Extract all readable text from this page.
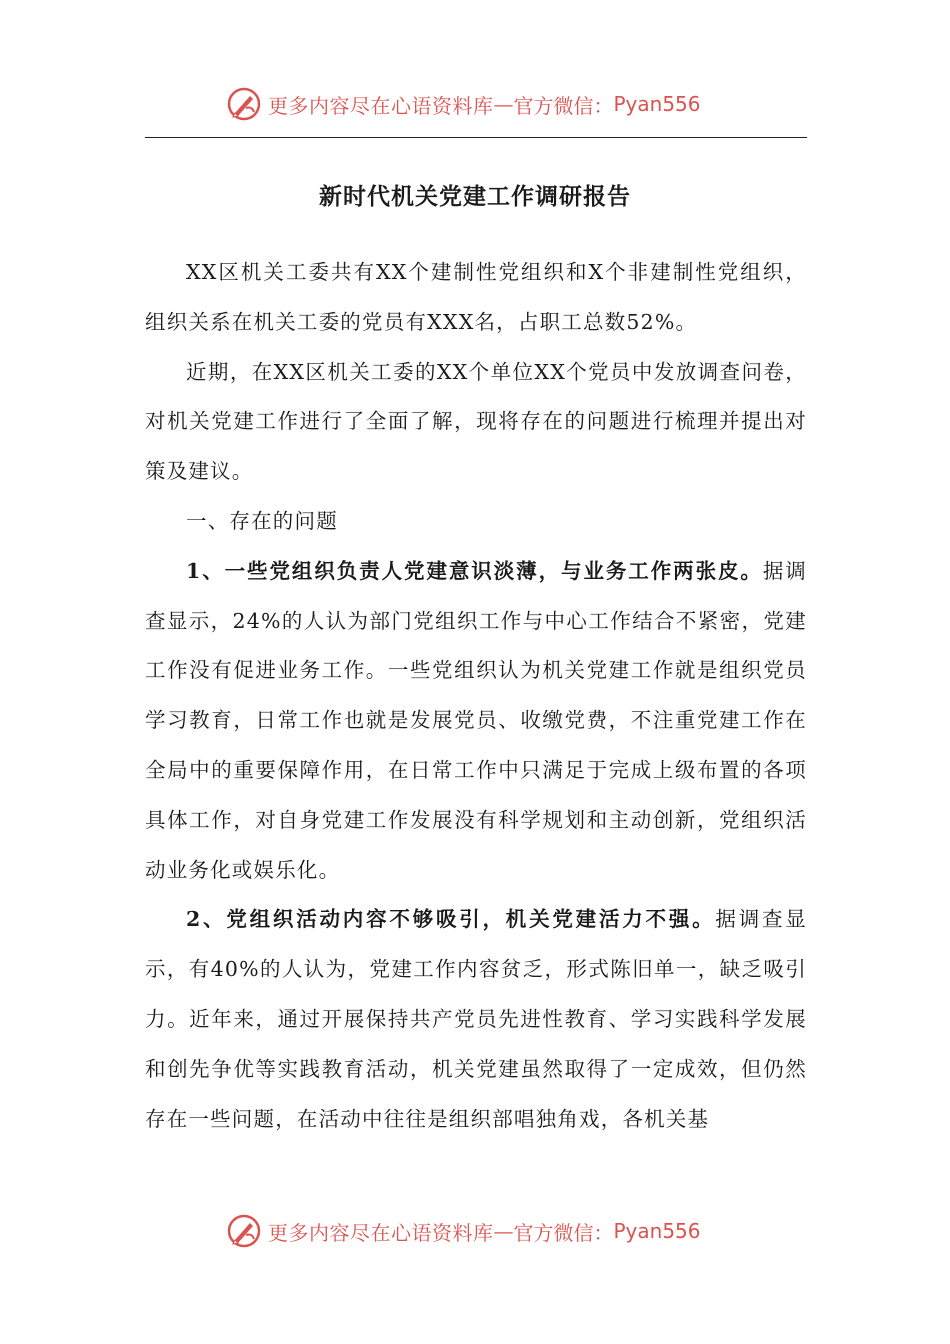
更多内容尽在心语资料库 — 官方微信： Pyan556
新时代机关党建工作调研报告

XX区机关工委共有XX个建制性党组织和X个非建制性党组织，组织关系在机关工委的党员有XXX名，占职工总数52%。

近期，在XX区机关工委的XX个单位XX个党员中发放调查问卷，对机关党建工作进行了全面了解，现将存在的问题进行梳理并提出对策及建议。

一、存在的问题

1、一些党组织负责人党建意识淡薄，与业务工作两张皮。据调查显示，24%的人认为部门党组织工作与中心工作结合不紧密，党建工作没有促进业务工作。一些党组织认为机关党建工作就是组织党员学习教育，日常工作也就是发展党员、收缴党费，不注重党建工作在全局中的重要保障作用，在日常工作中只满足于完成上级布置的各项具体工作，对自身党建工作发展没有科学规划和主动创新，党组织活动业务化或娱乐化。

2、党组织活动内容不够吸引，机关党建活力不强。据调查显示，有40%的人认为，党建工作内容贫乏，形式陈旧单一，缺乏吸引力。近年来，通过开展保持共产党员先进性教育、学习实践科学发展和创先争优等实践教育活动，机关党建虽然取得了一定成效，但仍然存在一些问题，在活动中往往是组织部唱独角戏，各机关基

更多内容尽在心语资料库 — 官方微信： Pyan556
